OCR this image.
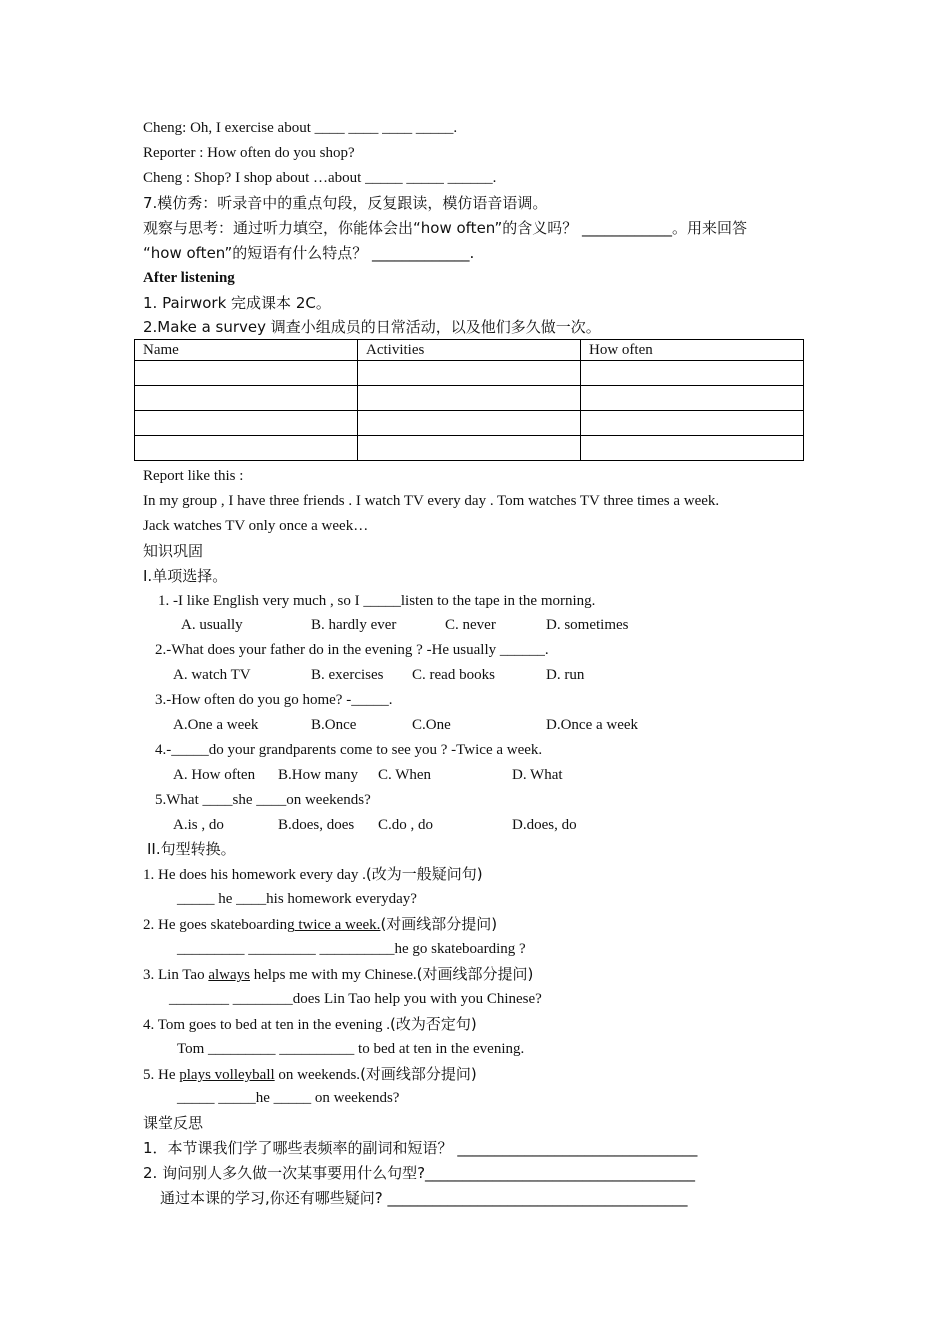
Cheng: Oh, I exercise about ____ ____ ____ _____.
Reporter : How often do you shop?
Cheng : Shop? I shop about …about _____ _____ ______.
7.模仿秀：听录音中的重点句段，反复跟读，模仿语音语调。
观察与思考：通过听力填空，你能体会出“how often”的含义吗？ ____________。用来回答
“how often”的短语有什么特点？ _____________.
After listening
1. Pairwork 完成课本 2C。
2.Make a survey 调查小组成员的日常活动，以及他们多久做一次。
Name	Activities	How often

Report like this :
In my group , I have three friends . I watch TV every day . Tom watches TV three times a week.
Jack watches TV only once a week…
知识巩固
I.单项选择。
1. -I like English very much , so I _____listen to the tape in the morning.
A. usually	B. hardly ever	C. never	D. sometimes
2.-What does your father do in the evening ? -He usually ______.
A. watch TV	B. exercises C. read books	D. run
3.-How often do you go home? -_____.
A.One a week	B.Once	C.One	D.Once a week
4.-_____do your grandparents come to see you ? -Twice a week.
A. How often B.How many C. When	D. What
5.What ____she ____on weekends?
A.is , do	B.does, does C.do , do	D.does, do
II.句型转换。
1. He does his homework every day .(改为一般疑问句)
_____ he ____his homework everyday?
2. He goes skateboarding twice a week.(对画线部分提问)
_________ _________ __________he go skateboarding ?
3. Lin Tao always helps me with my Chinese.(对画线部分提问)
________ ________does Lin Tao help you with you Chinese?
4. Tom goes to bed at ten in the evening .(改为否定句)
Tom _________ __________ to bed at ten in the evening.
5. He plays volleyball on weekends.(对画线部分提问)
_____ _____he _____ on weekends?
课堂反思
1．本节课我们学了哪些表频率的副词和短语？ ________________________________
2. 询问别人多久做一次某事要用什么句型?____________________________________
通过本课的学习,你还有哪些疑问? ________________________________________
